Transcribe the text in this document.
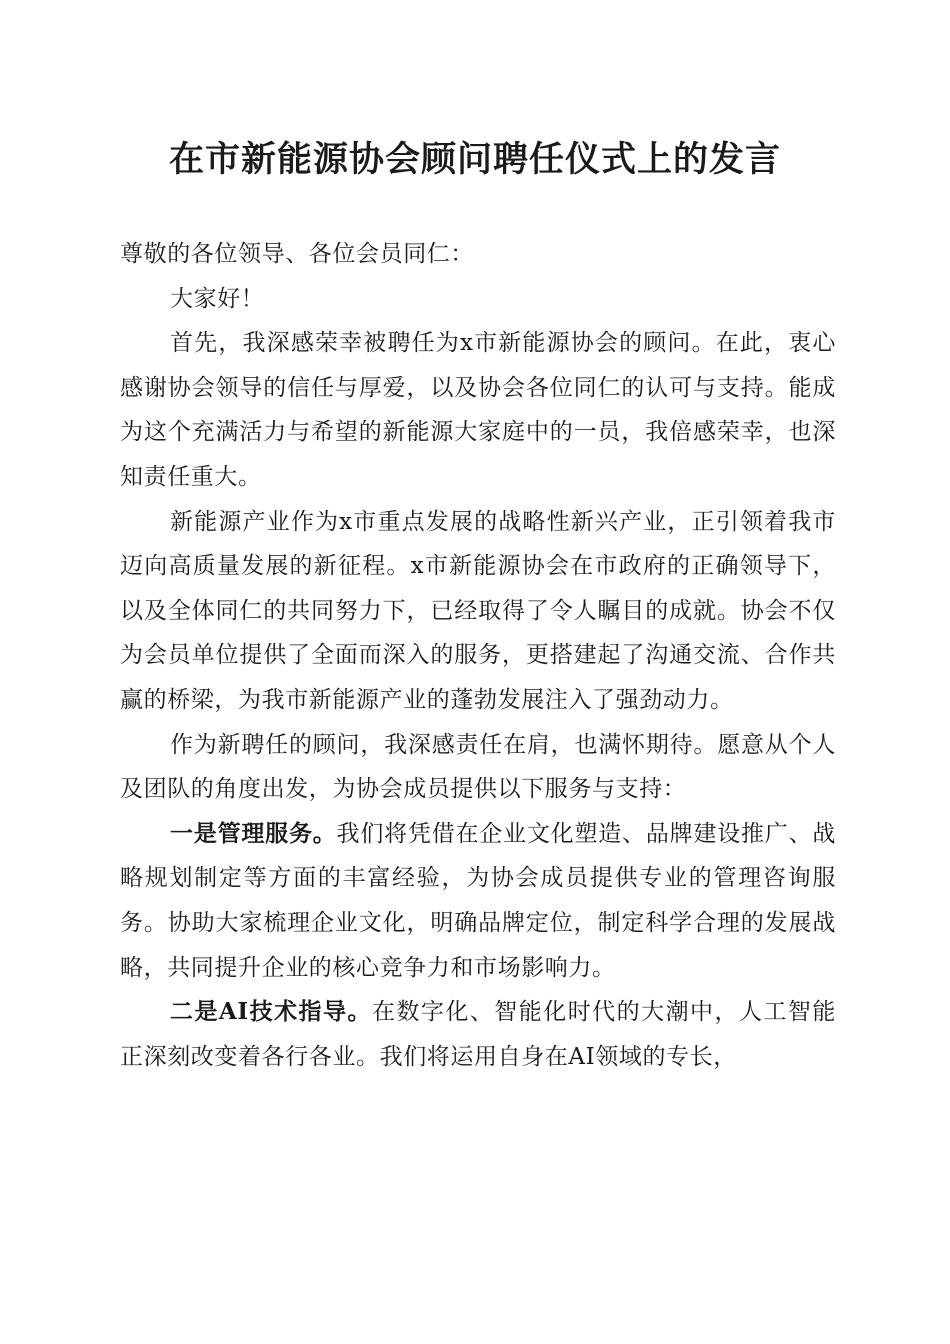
在市新能源协会顾问聘任仪式上的发言

尊敬的各位领导、各位会员同仁：

大家好！

首先，我深感荣幸被聘任为x市新能源协会的顾问。在此，衷心感谢协会领导的信任与厚爱，以及协会各位同仁的认可与支持。能成为这个充满活力与希望的新能源大家庭中的一员，我倍感荣幸，也深知责任重大。

新能源产业作为x市重点发展的战略性新兴产业，正引领着我市迈向高质量发展的新征程。x市新能源协会在市政府的正确领导下，以及全体同仁的共同努力下，已经取得了令人瞩目的成就。协会不仅为会员单位提供了全面而深入的服务，更搭建起了沟通交流、合作共赢的桥梁，为我市新能源产业的蓬勃发展注入了强劲动力。

作为新聘任的顾问，我深感责任在肩，也满怀期待。愿意从个人及团队的角度出发，为协会成员提供以下服务与支持：

一是管理服务。我们将凭借在企业文化塑造、品牌建设推广、战略规划制定等方面的丰富经验，为协会成员提供专业的管理咨询服务。协助大家梳理企业文化，明确品牌定位，制定科学合理的发展战略，共同提升企业的核心竞争力和市场影响力。

二是AI技术指导。在数字化、智能化时代的大潮中，人工智能正深刻改变着各行各业。我们将运用自身在AI领域的专长，
